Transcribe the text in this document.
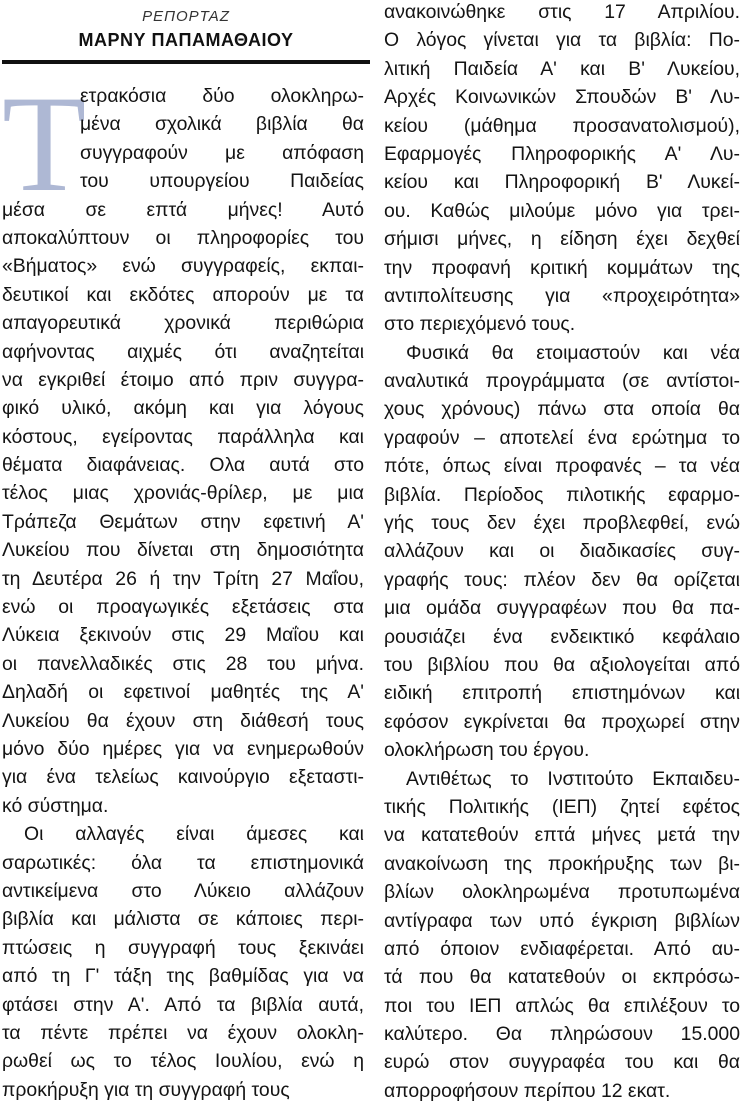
ΡΕΠΟΡΤΑΖ
ΜΑΡΝΥ ΠΑΠΑΜΑΘΑΙΟΥ
Τ
ετρακόσια δύο ολοκληρω-
μένα σχολικά βιβλία θα
συγγραφούν με απόφαση
του υπουργείου Παιδείας
μέσα σε επτά μήνες! Αυτό
αποκαλύπτουν οι πληροφορίες του
«Βήματος» ενώ συγγραφείς, εκπαι-
δευτικοί και εκδότες απορούν με τα
απαγορευτικά χρονικά περιθώρια
αφήνοντας αιχμές ότι αναζητείται
να εγκριθεί έτοιμο από πριν συγγρα-
φικό υλικό, ακόμη και για λόγους
κόστους, εγείροντας παράλληλα και
θέματα διαφάνειας. Ολα αυτά στο
τέλος μιας χρονιάς-θρίλερ, με μια
Τράπεζα Θεμάτων στην εφετινή Α'
Λυκείου που δίνεται στη δημοσιότητα
τη Δευτέρα 26 ή την Τρίτη 27 Μαΐου,
ενώ οι προαγωγικές εξετάσεις στα
Λύκεια ξεκινούν στις 29 Μαΐου και
οι πανελλαδικές στις 28 του μήνα.
Δηλαδή οι εφετινοί μαθητές της Α'
Λυκείου θα έχουν στη διάθεσή τους
μόνο δύο ημέρες για να ενημερωθούν
για ένα τελείως καινούργιο εξεταστι-
κό σύστημα.
Οι αλλαγές είναι άμεσες και
σαρωτικές: όλα τα επιστημονικά
αντικείμενα στο Λύκειο αλλάζουν
βιβλία και μάλιστα σε κάποιες περι-
πτώσεις η συγγραφή τους ξεκινάει
από τη Γ' τάξη της βαθμίδας για να
φτάσει στην Α'. Από τα βιβλία αυτά,
τα πέντε πρέπει να έχουν ολοκλη-
ρωθεί ως το τέλος Ιουλίου, ενώ η
προκήρυξη για τη συγγραφή τους
ανακοινώθηκε στις 17 Απριλίου.
Ο λόγος γίνεται για τα βιβλία: Πο-
λιτική Παιδεία Α' και Β' Λυκείου,
Αρχές Κοινωνικών Σπουδών Β' Λυ-
κείου (μάθημα προσανατολισμού),
Εφαρμογές Πληροφορικής Α' Λυ-
κείου και Πληροφορική Β' Λυκεί-
ου. Καθώς μιλούμε μόνο για τρει-
σήμισι μήνες, η είδηση έχει δεχθεί
την προφανή κριτική κομμάτων της
αντιπολίτευσης για «προχειρότητα»
στο περιεχόμενό τους.
Φυσικά θα ετοιμαστούν και νέα
αναλυτικά προγράμματα (σε αντίστοι-
χους χρόνους) πάνω στα οποία θα
γραφούν – αποτελεί ένα ερώτημα το
πότε, όπως είναι προφανές – τα νέα
βιβλία. Περίοδος πιλοτικής εφαρμο-
γής τους δεν έχει προβλεφθεί, ενώ
αλλάζουν και οι διαδικασίες συγ-
γραφής τους: πλέον δεν θα ορίζεται
μια ομάδα συγγραφέων που θα πα-
ρουσιάζει ένα ενδεικτικό κεφάλαιο
του βιβλίου που θα αξιολογείται από
ειδική επιτροπή επιστημόνων και
εφόσον εγκρίνεται θα προχωρεί στην
ολοκλήρωση του έργου.
Αντιθέτως το Ινστιτούτο Εκπαιδευ-
τικής Πολιτικής (ΙΕΠ) ζητεί εφέτος
να κατατεθούν επτά μήνες μετά την
ανακοίνωση της προκήρυξης των βι-
βλίων ολοκληρωμένα προτυπωμένα
αντίγραφα των υπό έγκριση βιβλίων
από όποιον ενδιαφέρεται. Από αυ-
τά που θα κατατεθούν οι εκπρόσω-
ποι του ΙΕΠ απλώς θα επιλέξουν το
καλύτερο. Θα πληρώσουν 15.000
ευρώ στον συγγραφέα του και θα
απορροφήσουν περίπου 12 εκατ.
